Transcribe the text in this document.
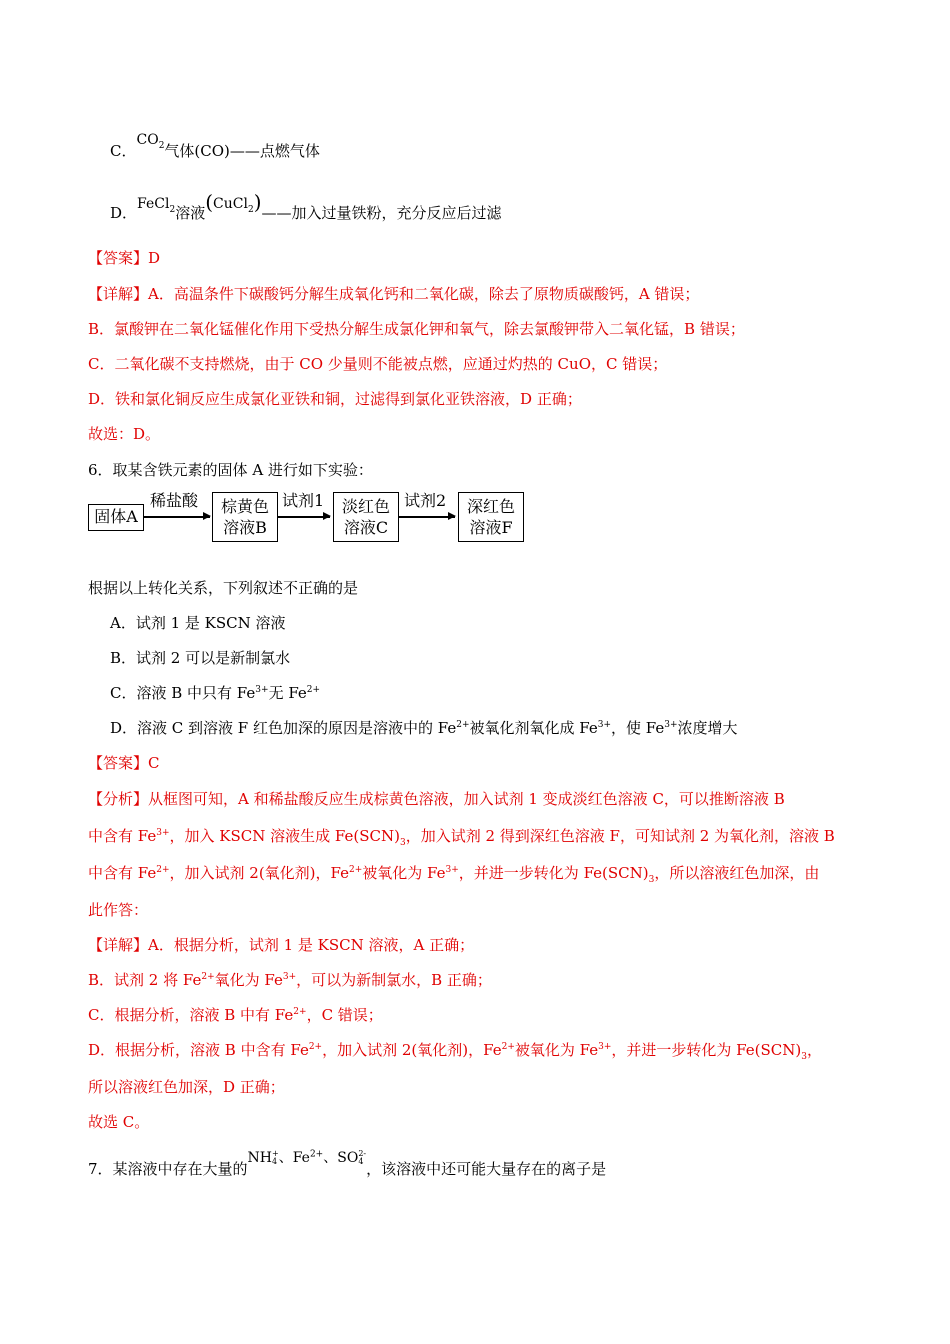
C．$CO_2$气体(CO)——点燃气体
D．FeCl$_2$溶液(CuCl$_2$)——加入过量铁粉，充分反应后过滤
【答案】D
【详解】A．高温条件下碳酸钙分解生成氧化钙和二氧化碳，除去了原物质碳酸钙，A 错误；
B．氯酸钾在二氧化锰催化作用下受热分解生成氯化钾和氧气，除去氯酸钾带入二氧化锰，B 错误；
C．二氧化碳不支持燃烧，由于 CO 少量则不能被点燃，应通过灼热的 CuO，C 错误；
D．铁和氯化铜反应生成氯化亚铁和铜，过滤得到氯化亚铁溶液，D 正确；
故选：D。
6．取某含铁元素的固体 A 进行如下实验：
固体A
稀盐酸	棕黄色
溶液B
试剂1	淡红色
溶液C
试剂2	深红色
溶液F
根据以上转化关系，下列叙述不正确的是
A．试剂 1 是 KSCN 溶液
B．试剂 2 可以是新制氯水
C．溶液 B 中只有 $Fe^{3+}$无 $Fe^{2+}$
D．溶液 C 到溶液 F 红色加深的原因是溶液中的 $Fe^{2+}$被氧化剂氧化成 $Fe^{3+}$，使 $Fe^{3+}$浓度增大
【答案】C
【分析】从框图可知，A 和稀盐酸反应生成棕黄色溶液，加入试剂 1 变成淡红色溶液 C，可以推断溶液 B
中含有 $Fe^{3+}$，加入 KSCN 溶液生成 $Fe(SCN)_3$，加入试剂 2 得到深红色溶液 F，可知试剂 2 为氧化剂，溶液 B
中含有 $Fe^{2+}$，加入试剂 2(氧化剂)，$Fe^{2+}$被氧化为 $Fe^{3+}$，并进一步转化为 $Fe(SCN)_3$，所以溶液红色加深，由
此作答：
【详解】A．根据分析，试剂 1 是 KSCN 溶液，A 正确；
B．试剂 2 将 $Fe^{2+}$氧化为 $Fe^{3+}$，可以为新制氯水，B 正确；
C．根据分析，溶液 B 中有 $Fe^{2+}$，C 错误；
D．根据分析，溶液 B 中含有 $Fe^{2+}$，加入试剂 2(氧化剂)，$Fe^{2+}$被氧化为 $Fe^{3+}$，并进一步转化为 $Fe(SCN)_3$，
所以溶液红色加深，D 正确；
故选 C。
7．某溶液中存在大量的NH +
4 、$Fe^{2+}$、SO 2-
4 ，该溶液中还可能大量存在的离子是
